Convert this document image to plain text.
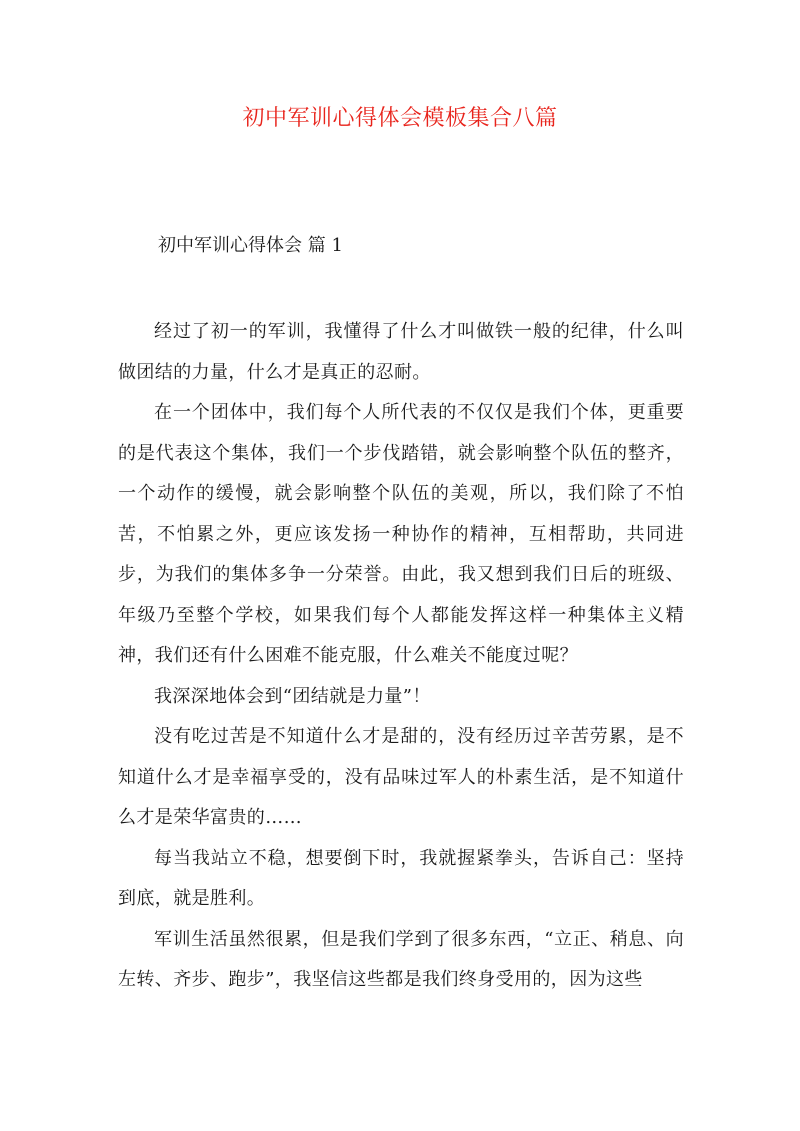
初中军训心得体会模板集合八篇
初中军训心得体会 篇 1

经过了初一的军训，我懂得了什么才叫做铁一般的纪律，什么叫做团结的力量，什么才是真正的忍耐。

在一个团体中，我们每个人所代表的不仅仅是我们个体，更重要的是代表这个集体，我们一个步伐踏错，就会影响整个队伍的整齐，一个动作的缓慢，就会影响整个队伍的美观，所以，我们除了不怕苦，不怕累之外，更应该发扬一种协作的精神，互相帮助，共同进步，为我们的集体多争一分荣誉。由此，我又想到我们日后的班级、年级乃至整个学校，如果我们每个人都能发挥这样一种集体主义精神，我们还有什么困难不能克服，什么难关不能度过呢？

我深深地体会到“团结就是力量”！

没有吃过苦是不知道什么才是甜的，没有经历过辛苦劳累，是不知道什么才是幸福享受的，没有品味过军人的朴素生活，是不知道什么才是荣华富贵的……

每当我站立不稳，想要倒下时，我就握紧拳头，告诉自己：坚持到底，就是胜利。

军训生活虽然很累，但是我们学到了很多东西，“立正、稍息、向左转、齐步、跑步”，我坚信这些都是我们终身受用的，因为这些
